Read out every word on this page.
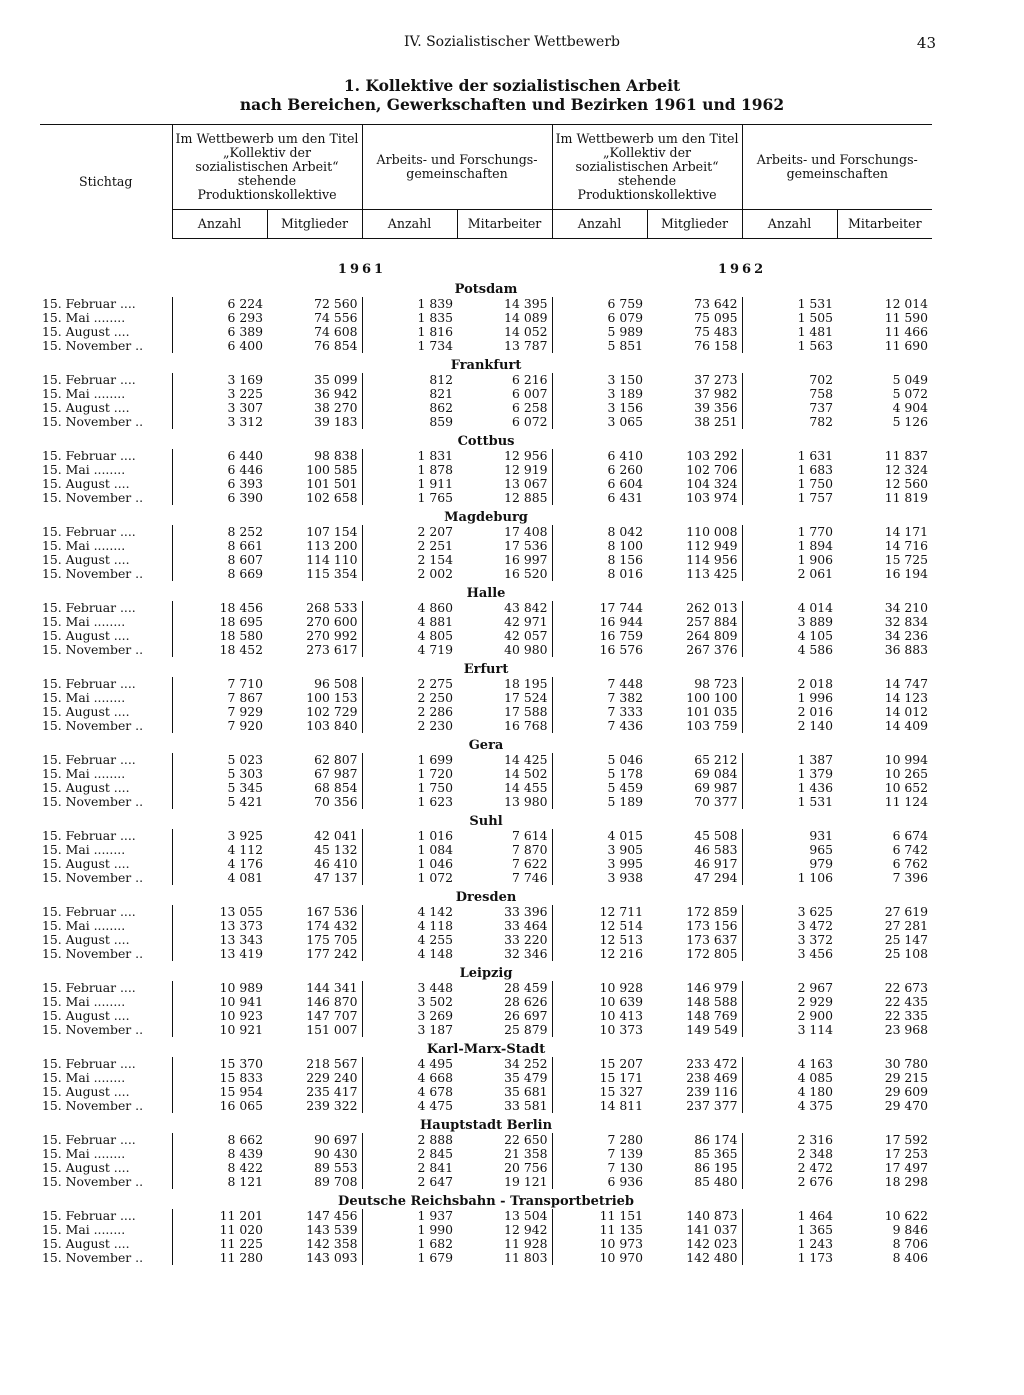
IV. Sozialistischer Wettbewerb	43
1. Kollektive der sozialistischen Arbeit
nach Bereichen, Gewerkschaften und Bezirken 1961 und 1962
Stichtag	Im Wettbewerb um den Titel „Kollektiv der sozialistischen Arbeit“ stehende Produktionskollektive		Arbeits- und Forschungs-gemeinschaften		Im Wettbewerb um den Titel „Kollektiv der sozialistischen Arbeit“ stehende Produktionskollektive		Arbeits- und Forschungs-gemeinschaften	
	Anzahl	Mitglieder	Anzahl	Mitarbeiter	Anzahl	Mitglieder	Anzahl	Mitarbeiter
	1961				1962			
Potsdam								
15. Februar ....	6 224	72 560	1 839	14 395	6 759	73 642	1 531	12 014
15. Mai ........	6 293	74 556	1 835	14 089	6 079	75 095	1 505	11 590
15. August ....	6 389	74 608	1 816	14 052	5 989	75 483	1 481	11 466
15. November ..	6 400	76 854	1 734	13 787	5 851	76 158	1 563	11 690
Frankfurt								
15. Februar ....	3 169	35 099	812	6 216	3 150	37 273	702	5 049
15. Mai ........	3 225	36 942	821	6 007	3 189	37 982	758	5 072
15. August ....	3 307	38 270	862	6 258	3 156	39 356	737	4 904
15. November ..	3 312	39 183	859	6 072	3 065	38 251	782	5 126
Cottbus								
15. Februar ....	6 440	98 838	1 831	12 956	6 410	103 292	1 631	11 837
15. Mai ........	6 446	100 585	1 878	12 919	6 260	102 706	1 683	12 324
15. August ....	6 393	101 501	1 911	13 067	6 604	104 324	1 750	12 560
15. November ..	6 390	102 658	1 765	12 885	6 431	103 974	1 757	11 819
Magdeburg								
15. Februar ....	8 252	107 154	2 207	17 408	8 042	110 008	1 770	14 171
15. Mai ........	8 661	113 200	2 251	17 536	8 100	112 949	1 894	14 716
15. August ....	8 607	114 110	2 154	16 997	8 156	114 956	1 906	15 725
15. November ..	8 669	115 354	2 002	16 520	8 016	113 425	2 061	16 194
Halle								
15. Februar ....	18 456	268 533	4 860	43 842	17 744	262 013	4 014	34 210
15. Mai ........	18 695	270 600	4 881	42 971	16 944	257 884	3 889	32 834
15. August ....	18 580	270 992	4 805	42 057	16 759	264 809	4 105	34 236
15. November ..	18 452	273 617	4 719	40 980	16 576	267 376	4 586	36 883
Erfurt								
15. Februar ....	7 710	96 508	2 275	18 195	7 448	98 723	2 018	14 747
15. Mai ........	7 867	100 153	2 250	17 524	7 382	100 100	1 996	14 123
15. August ....	7 929	102 729	2 286	17 588	7 333	101 035	2 016	14 012
15. November ..	7 920	103 840	2 230	16 768	7 436	103 759	2 140	14 409
Gera								
15. Februar ....	5 023	62 807	1 699	14 425	5 046	65 212	1 387	10 994
15. Mai ........	5 303	67 987	1 720	14 502	5 178	69 084	1 379	10 265
15. August ....	5 345	68 854	1 750	14 455	5 459	69 987	1 436	10 652
15. November ..	5 421	70 356	1 623	13 980	5 189	70 377	1 531	11 124
Suhl								
15. Februar ....	3 925	42 041	1 016	7 614	4 015	45 508	931	6 674
15. Mai ........	4 112	45 132	1 084	7 870	3 905	46 583	965	6 742
15. August ....	4 176	46 410	1 046	7 622	3 995	46 917	979	6 762
15. November ..	4 081	47 137	1 072	7 746	3 938	47 294	1 106	7 396
Dresden								
15. Februar ....	13 055	167 536	4 142	33 396	12 711	172 859	3 625	27 619
15. Mai ........	13 373	174 432	4 118	33 464	12 514	173 156	3 472	27 281
15. August ....	13 343	175 705	4 255	33 220	12 513	173 637	3 372	25 147
15. November ..	13 419	177 242	4 148	32 346	12 216	172 805	3 456	25 108
Leipzig								
15. Februar ....	10 989	144 341	3 448	28 459	10 928	146 979	2 967	22 673
15. Mai ........	10 941	146 870	3 502	28 626	10 639	148 588	2 929	22 435
15. August ....	10 923	147 707	3 269	26 697	10 413	148 769	2 900	22 335
15. November ..	10 921	151 007	3 187	25 879	10 373	149 549	3 114	23 968
Karl-Marx-Stadt								
15. Februar ....	15 370	218 567	4 495	34 252	15 207	233 472	4 163	30 780
15. Mai ........	15 833	229 240	4 668	35 479	15 171	238 469	4 085	29 215
15. August ....	15 954	235 417	4 678	35 681	15 327	239 116	4 180	29 609
15. November ..	16 065	239 322	4 475	33 581	14 811	237 377	4 375	29 470
Hauptstadt Berlin								
15. Februar ....	8 662	90 697	2 888	22 650	7 280	86 174	2 316	17 592
15. Mai ........	8 439	90 430	2 845	21 358	7 139	85 365	2 348	17 253
15. August ....	8 422	89 553	2 841	20 756	7 130	86 195	2 472	17 497
15. November ..	8 121	89 708	2 647	19 121	6 936	85 480	2 676	18 298
Deutsche Reichsbahn - Transportbetrieb								
15. Februar ....	11 201	147 456	1 937	13 504	11 151	140 873	1 464	10 622
15. Mai ........	11 020	143 539	1 990	12 942	11 135	141 037	1 365	9 846
15. August ....	11 225	142 358	1 682	11 928	10 973	142 023	1 243	8 706
15. November ..	11 280	143 093	1 679	11 803	10 970	142 480	1 173	8 406
